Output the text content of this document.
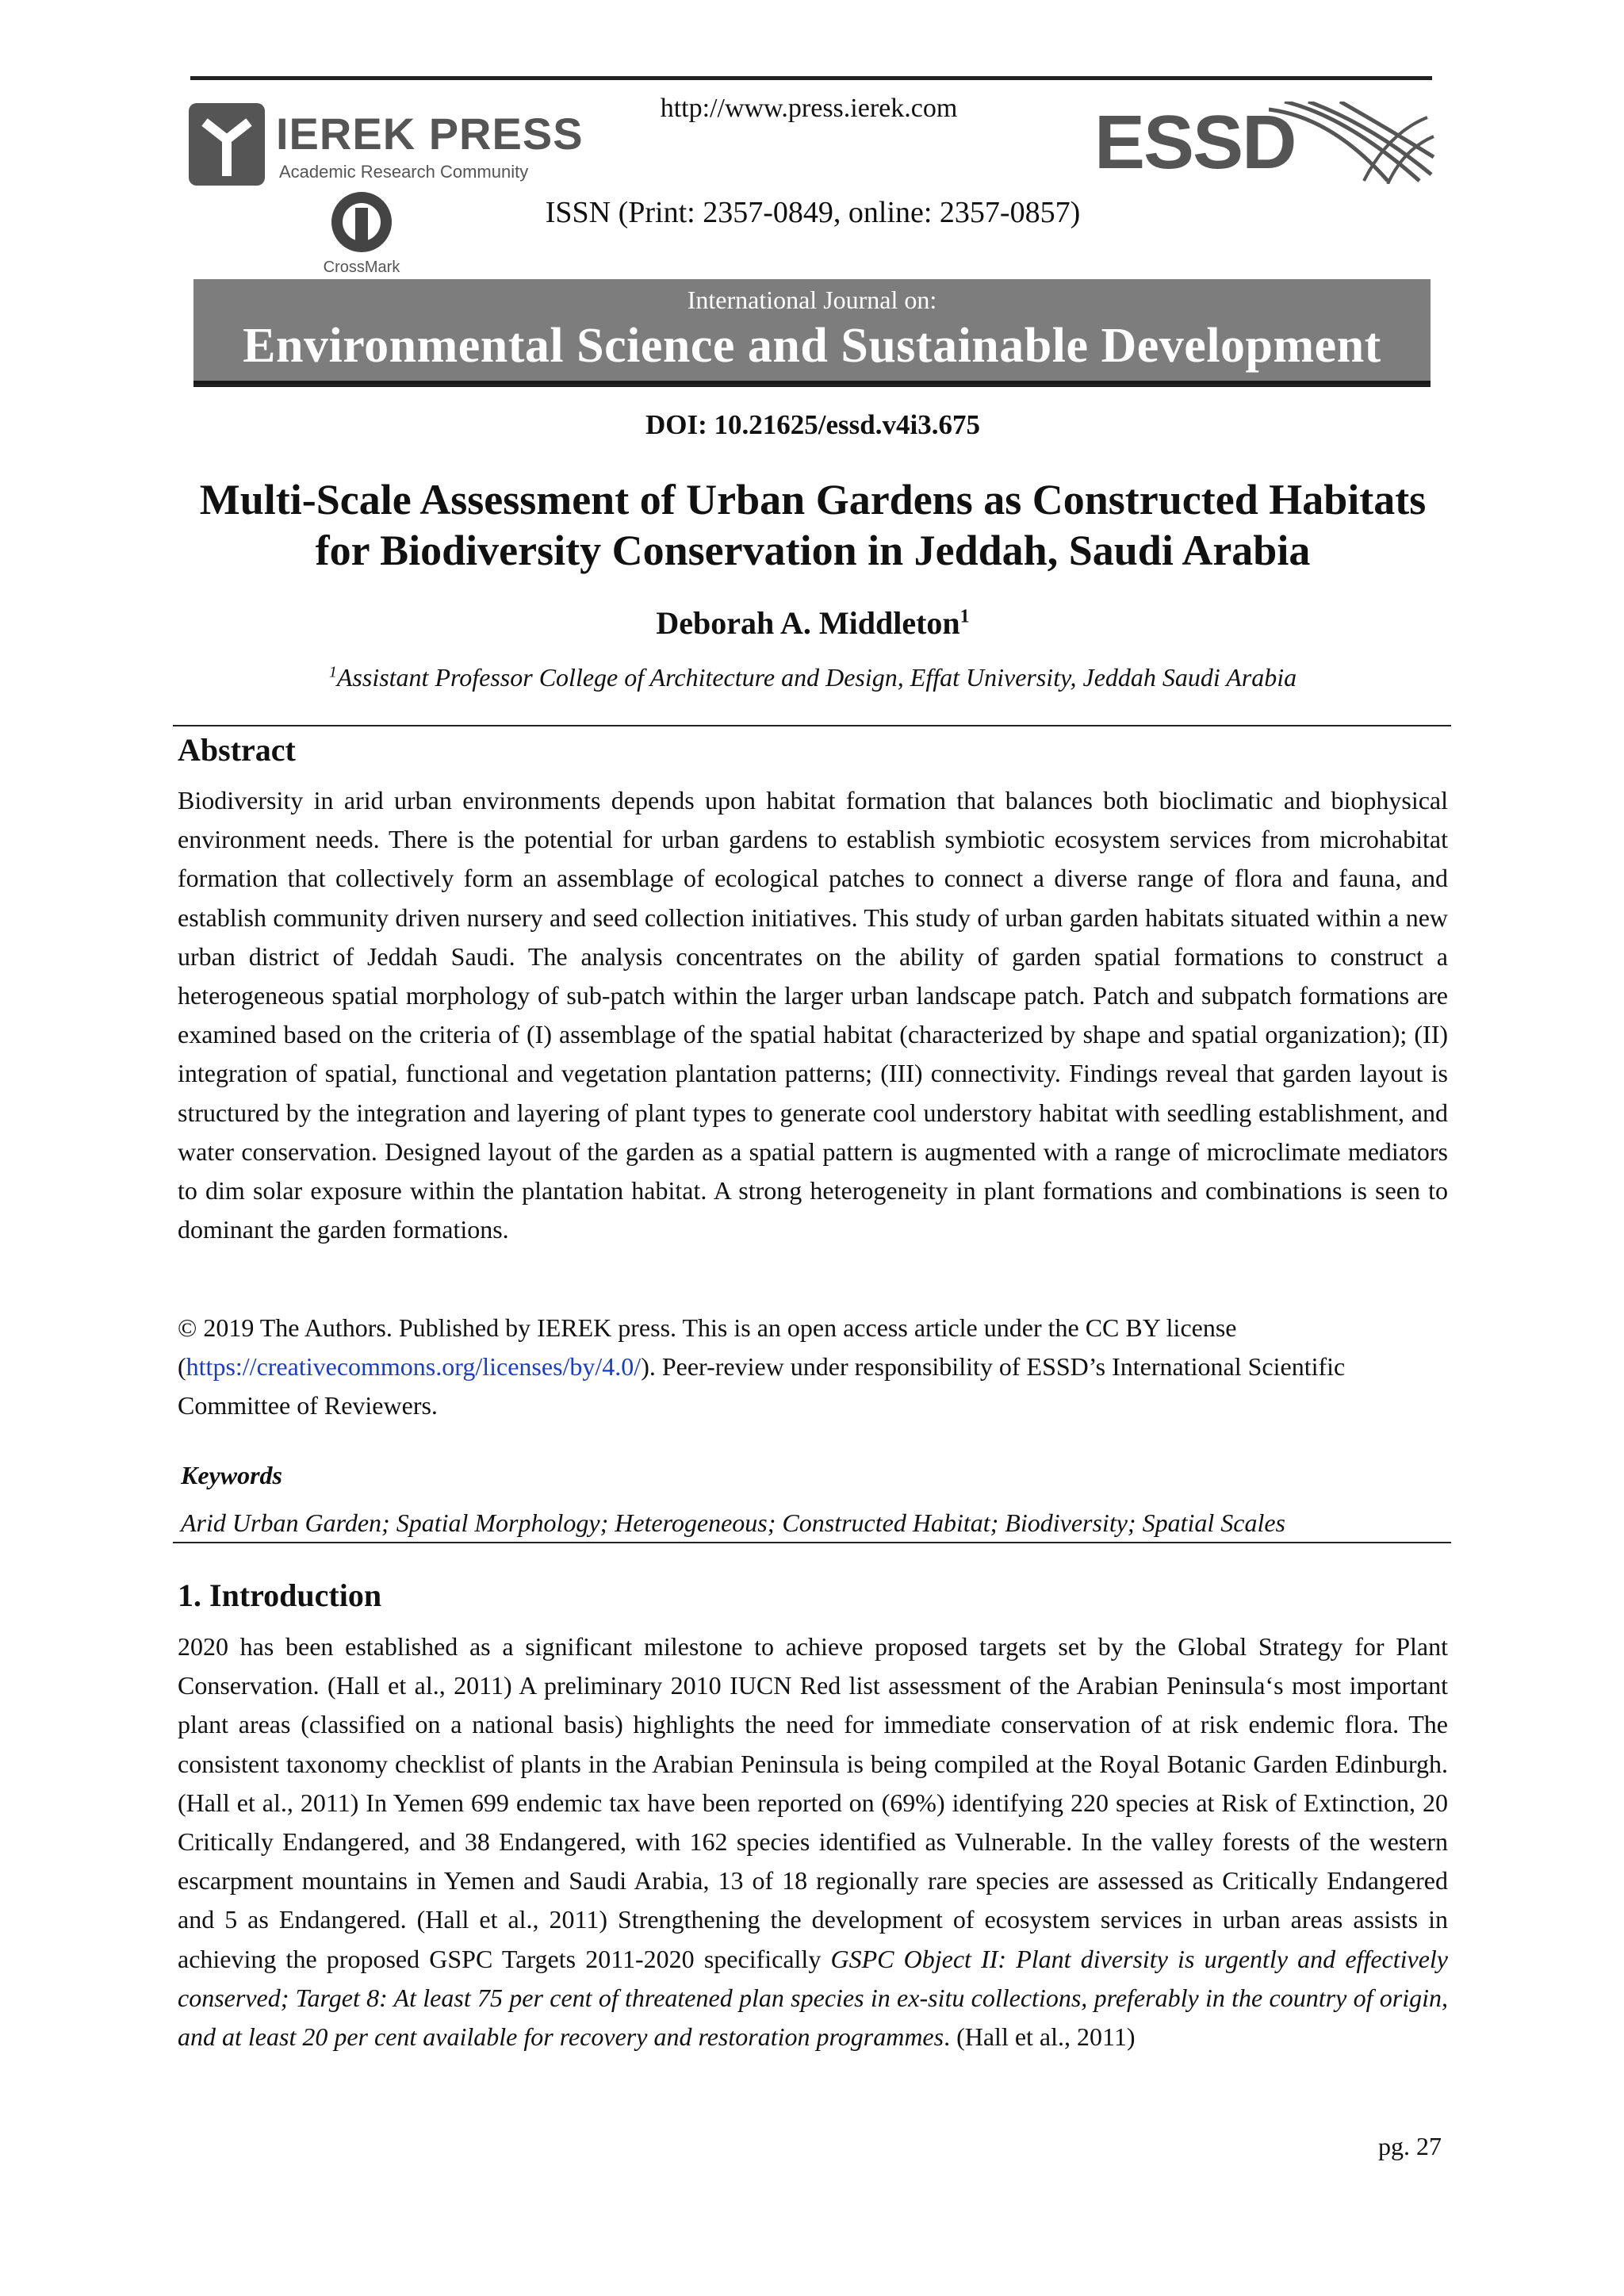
IEREK PRESS
Academic Research Community
CrossMark
http://www.press.ierek.com	ESSD
ISSN (Print: 2357-0849, online: 2357-0857)
International Journal on:
Environmental Science and Sustainable Development
DOI: 10.21625/essd.v4i3.675
Multi-Scale Assessment of Urban Gardens as Constructed Habitats
for Biodiversity Conservation in Jeddah, Saudi Arabia
Deborah A. Middleton$^1$
$^1$Assistant Professor College of Architecture and Design, Effat University, Jeddah Saudi Arabia
Abstract
Biodiversity in arid urban environments depends upon habitat formation that balances both bioclimatic and biophysical environment needs. There is the potential for urban gardens to establish symbiotic ecosystem services from microhabitat formation that collectively form an assemblage of ecological patches to connect a diverse range of flora and fauna, and establish community driven nursery and seed collection initiatives. This study of urban garden habitats situated within a new urban district of Jeddah Saudi. The analysis concentrates on the ability of garden spatial formations to construct a heterogeneous spatial morphology of sub-patch within the larger urban landscape patch. Patch and subpatch formations are examined based on the criteria of (I) assemblage of the spatial habitat (characterized by shape and spatial organization); (II) integration of spatial, functional and vegetation plantation patterns; (III) connectivity. Findings reveal that garden layout is structured by the integration and layering of plant types to generate cool understory habitat with seedling establishment, and water conservation. Designed layout of the garden as a spatial pattern is augmented with a range of microclimate mediators to dim solar exposure within the plantation habitat. A strong heterogeneity in plant formations and combinations is seen to dominant the garden formations.
© 2019 The Authors. Published by IEREK press. This is an open access article under the CC BY license (https://creativecommons.org/licenses/by/4.0/). Peer-review under responsibility of ESSD’s International Scientific Committee of Reviewers.
Keywords
Arid Urban Garden; Spatial Morphology; Heterogeneous; Constructed Habitat; Biodiversity; Spatial Scales
1. Introduction
2020 has been established as a significant milestone to achieve proposed targets set by the Global Strategy for Plant Conservation. (Hall et al., 2011) A preliminary 2010 IUCN Red list assessment of the Arabian Peninsula‘s most important plant areas (classified on a national basis) highlights the need for immediate conservation of at risk endemic flora. The consistent taxonomy checklist of plants in the Arabian Peninsula is being compiled at the Royal Botanic Garden Edinburgh. (Hall et al., 2011) In Yemen 699 endemic tax have been reported on (69%) identifying 220 species at Risk of Extinction, 20 Critically Endangered, and 38 Endangered, with 162 species identified as Vulnerable. In the valley forests of the western escarpment mountains in Yemen and Saudi Arabia, 13 of 18 regionally rare species are assessed as Critically Endangered and 5 as Endangered. (Hall et al., 2011) Strengthening the development of ecosystem services in urban areas assists in achieving the proposed GSPC Targets 2011-2020 specifically GSPC Object II: Plant diversity is urgently and effectively conserved; Target 8: At least 75 per cent of threatened plan species in ex-situ collections, preferably in the country of origin, and at least 20 per cent available for recovery and restoration programmes. (Hall et al., 2011)
pg. 27
